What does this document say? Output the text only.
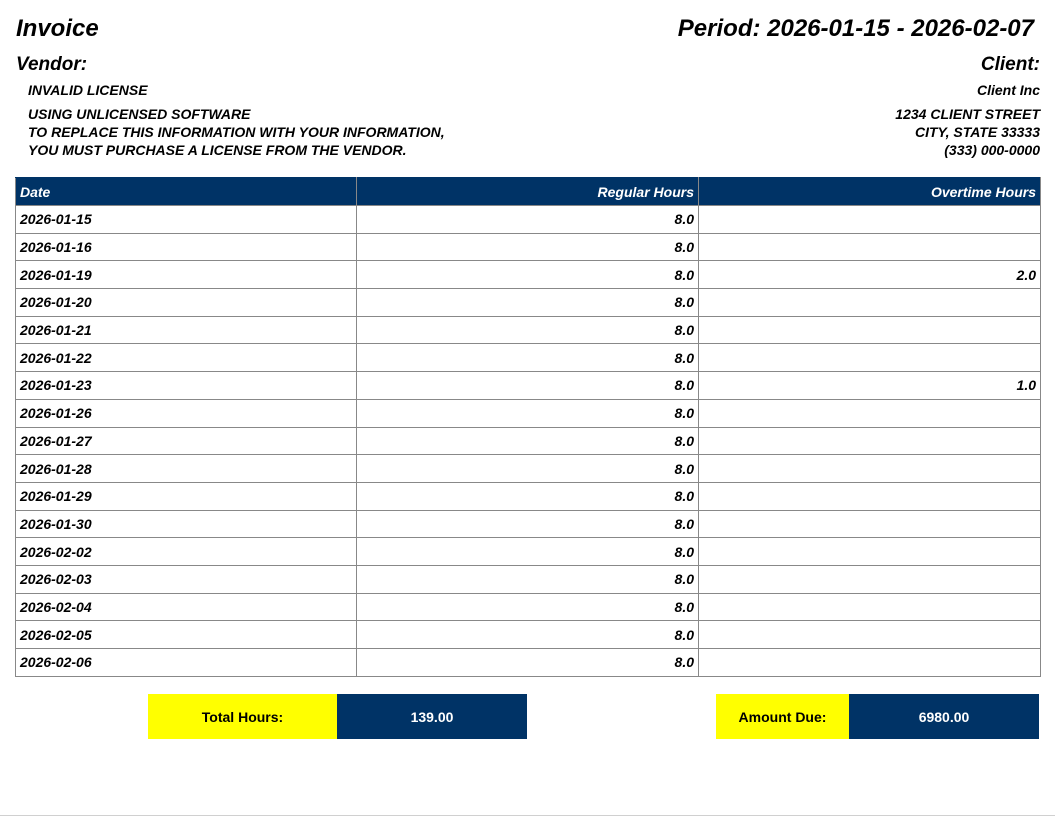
Invoice	Period: 2026-01-15 - 2026-02-07
Vendor:	Client:
INVALID LICENSE	Client Inc
USING UNLICENSED SOFTWARE
TO REPLACE THIS INFORMATION WITH YOUR INFORMATION,
YOU MUST PURCHASE A LICENSE FROM THE VENDOR.
1234 CLIENT STREET
CITY, STATE 33333
(333) 000-0000
Date	Regular Hours	Overtime Hours
2026-01-15	8.0	
2026-01-16	8.0	
2026-01-19	8.0	2.0
2026-01-20	8.0	
2026-01-21	8.0	
2026-01-22	8.0	
2026-01-23	8.0	1.0
2026-01-26	8.0	
2026-01-27	8.0	
2026-01-28	8.0	
2026-01-29	8.0	
2026-01-30	8.0	
2026-02-02	8.0	
2026-02-03	8.0	
2026-02-04	8.0	
2026-02-05	8.0	
2026-02-06	8.0	
Total Hours:	139.00	Amount Due:	6980.00
